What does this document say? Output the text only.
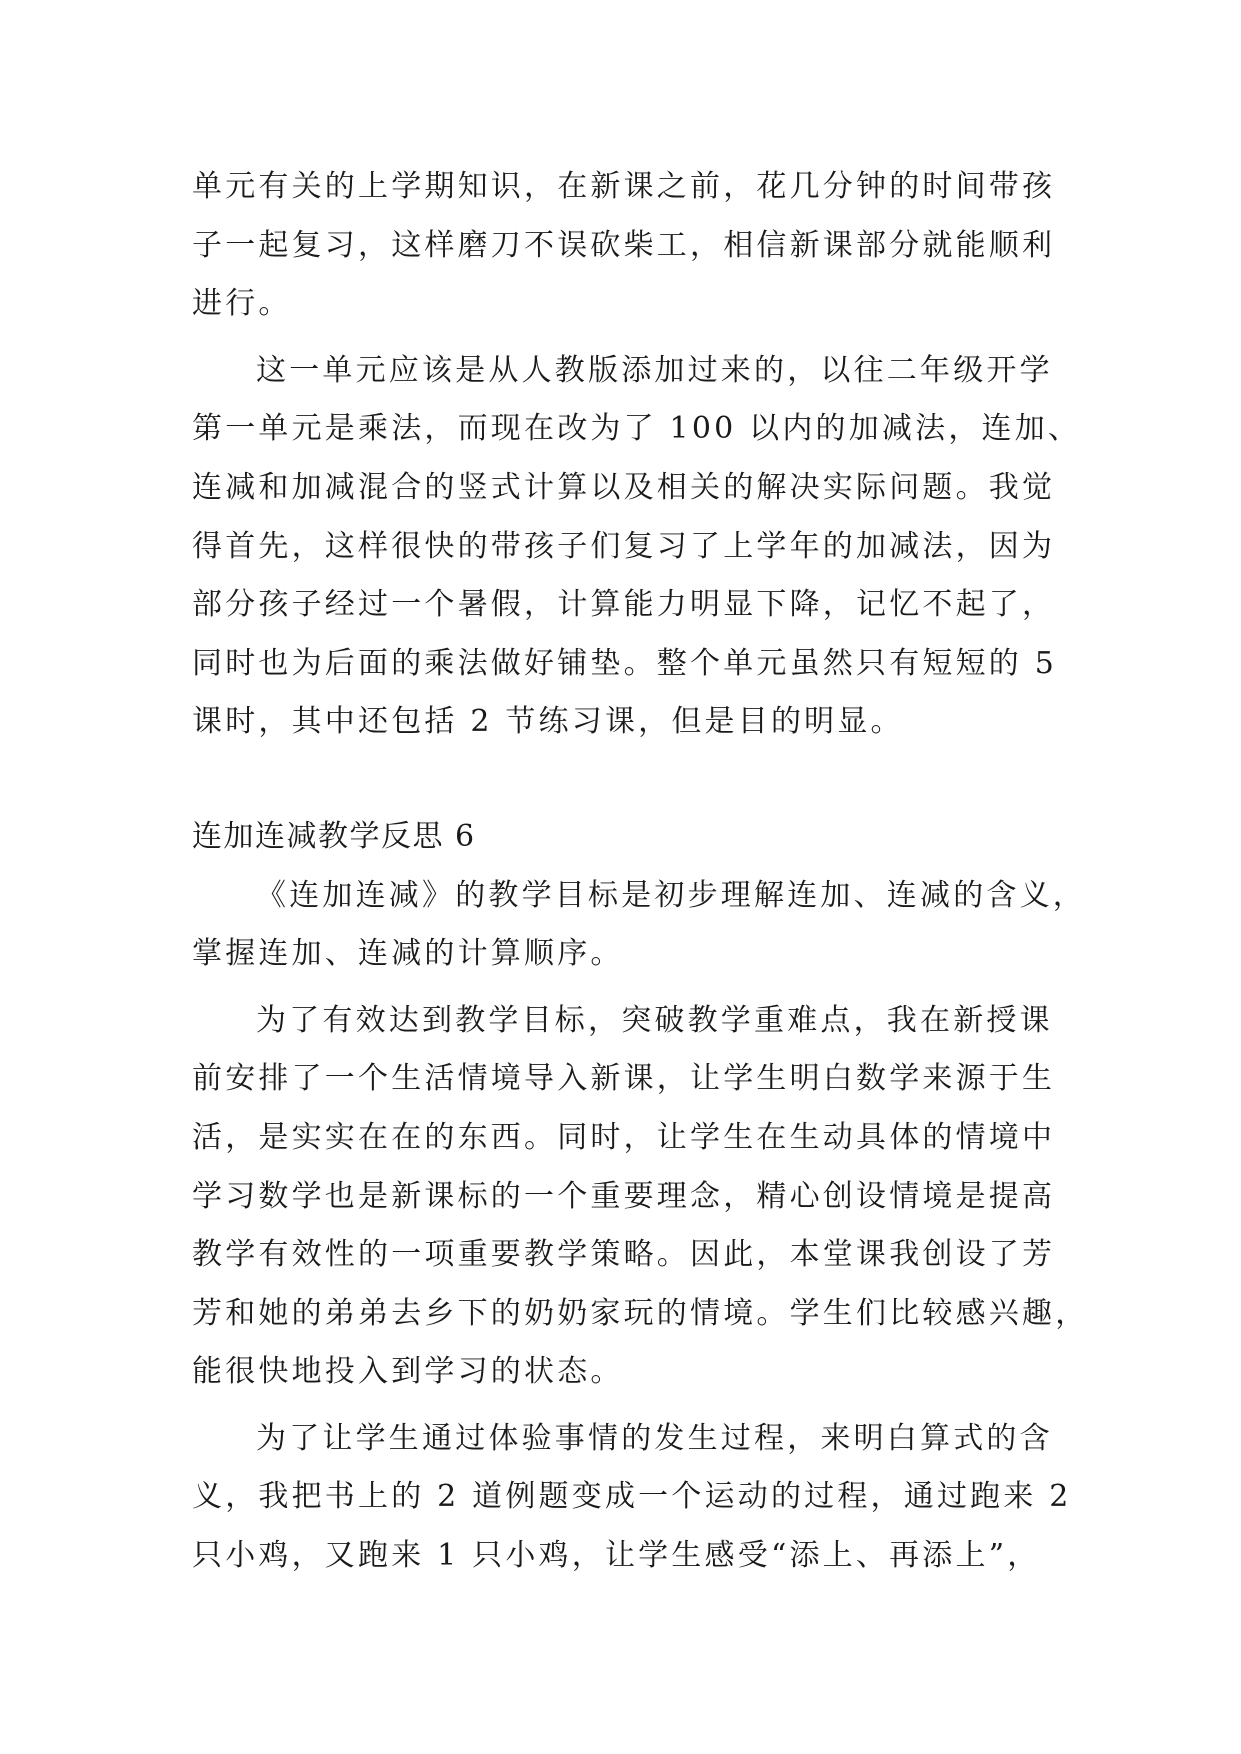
单元有关的上学期知识，在新课之前，花几分钟的时间带孩
子一起复习，这样磨刀不误砍柴工，相信新课部分就能顺利
进行。
这一单元应该是从人教版添加过来的，以往二年级开学
第一单元是乘法，而现在改为了 100 以内的加减法，连加、
连减和加减混合的竖式计算以及相关的解决实际问题。我觉
得首先，这样很快的带孩子们复习了上学年的加减法，因为
部分孩子经过一个暑假，计算能力明显下降，记忆不起了，
同时也为后面的乘法做好铺垫。整个单元虽然只有短短的 5
课时，其中还包括 2 节练习课，但是目的明显。
连加连减教学反思 6
《连加连减》的教学目标是初步理解连加、连减的含义，
掌握连加、连减的计算顺序。
为了有效达到教学目标，突破教学重难点，我在新授课
前安排了一个生活情境导入新课，让学生明白数学来源于生
活，是实实在在的东西。同时，让学生在生动具体的情境中
学习数学也是新课标的一个重要理念，精心创设情境是提高
教学有效性的一项重要教学策略。因此，本堂课我创设了芳
芳和她的弟弟去乡下的奶奶家玩的情境。学生们比较感兴趣，
能很快地投入到学习的状态。
为了让学生通过体验事情的发生过程，来明白算式的含
义，我把书上的 2 道例题变成一个运动的过程，通过跑来 2
只小鸡，又跑来 1 只小鸡，让学生感受“添上、再添上”，
